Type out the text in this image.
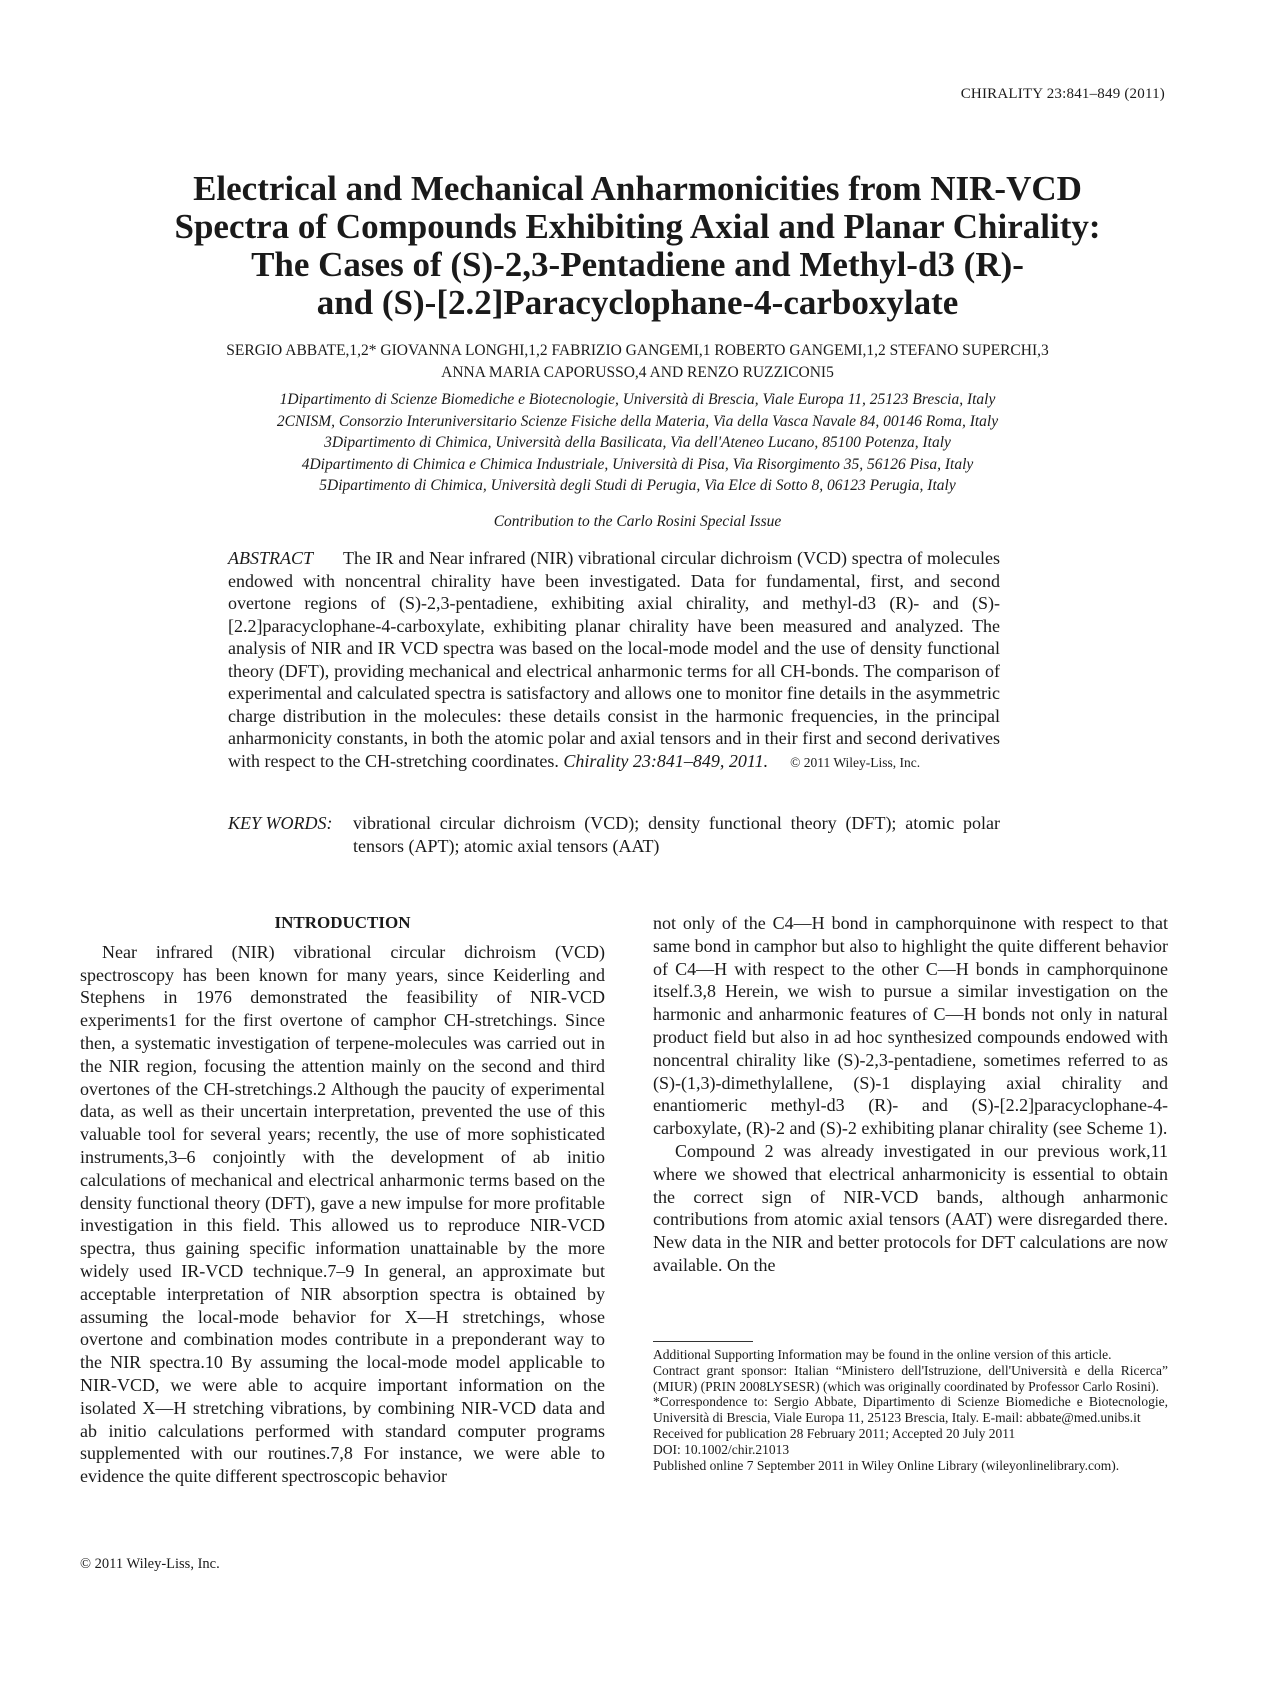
CHIRALITY 23:841–849 (2011)
Electrical and Mechanical Anharmonicities from NIR-VCD
Spectra of Compounds Exhibiting Axial and Planar Chirality:
The Cases of (S)-2,3-Pentadiene and Methyl-d3 (R)-
and (S)-[2.2]Paracyclophane-4-carboxylate
SERGIO ABBATE,1,2* GIOVANNA LONGHI,1,2 FABRIZIO GANGEMI,1 ROBERTO GANGEMI,1,2 STEFANO SUPERCHI,3
ANNA MARIA CAPORUSSO,4 AND RENZO RUZZICONI5
1Dipartimento di Scienze Biomediche e Biotecnologie, Università di Brescia, Viale Europa 11, 25123 Brescia, Italy
2CNISM, Consorzio Interuniversitario Scienze Fisiche della Materia, Via della Vasca Navale 84, 00146 Roma, Italy
3Dipartimento di Chimica, Università della Basilicata, Via dell'Ateneo Lucano, 85100 Potenza, Italy
4Dipartimento di Chimica e Chimica Industriale, Università di Pisa, Via Risorgimento 35, 56126 Pisa, Italy
5Dipartimento di Chimica, Università degli Studi di Perugia, Via Elce di Sotto 8, 06123 Perugia, Italy
Contribution to the Carlo Rosini Special Issue
ABSTRACT The IR and Near infrared (NIR) vibrational circular dichroism (VCD) spectra of molecules endowed with noncentral chirality have been investigated. Data for fundamental, first, and second overtone regions of (S)-2,3-pentadiene, exhibiting axial chirality, and methyl-d3 (R)- and (S)-[2.2]paracyclophane-4-carboxylate, exhibiting planar chirality have been measured and analyzed. The analysis of NIR and IR VCD spectra was based on the local-mode model and the use of density functional theory (DFT), providing mechanical and electrical anharmonic terms for all CH-bonds. The comparison of experimental and calculated spectra is satisfactory and allows one to monitor fine details in the asymmetric charge distribution in the molecules: these details consist in the harmonic frequencies, in the principal anharmonicity constants, in both the atomic polar and axial tensors and in their first and second derivatives with respect to the CH-stretching coordinates. Chirality 23:841–849, 2011. © 2011 Wiley-Liss, Inc.
KEY WORDS:	vibrational circular dichroism (VCD); density functional theory (DFT); atomic polar tensors (APT); atomic axial tensors (AAT)
INTRODUCTION

Near infrared (NIR) vibrational circular dichroism (VCD) spectroscopy has been known for many years, since Keiderling and Stephens in 1976 demonstrated the feasibility of NIR-VCD experiments1 for the first overtone of camphor CH-stretchings. Since then, a systematic investigation of terpene-molecules was carried out in the NIR region, focusing the attention mainly on the second and third overtones of the CH-stretchings.2 Although the paucity of experimental data, as well as their uncertain interpretation, prevented the use of this valuable tool for several years; recently, the use of more sophisticated instruments,3–6 conjointly with the development of ab initio calculations of mechanical and electrical anharmonic terms based on the density functional theory (DFT), gave a new impulse for more profitable investigation in this field. This allowed us to reproduce NIR-VCD spectra, thus gaining specific information unattainable by the more widely used IR-VCD technique.7–9 In general, an approximate but acceptable interpretation of NIR absorption spectra is obtained by assuming the local-mode behavior for X—H stretchings, whose overtone and combination modes contribute in a preponderant way to the NIR spectra.10 By assuming the local-mode model applicable to NIR-VCD, we were able to acquire important information on the isolated X—H stretching vibrations, by combining NIR-VCD data and ab initio calculations performed with standard computer programs supplemented with our routines.7,8 For instance, we were able to evidence the quite different spectroscopic behavior

not only of the C4—H bond in camphorquinone with respect to that same bond in camphor but also to highlight the quite different behavior of C4—H with respect to the other C—H bonds in camphorquinone itself.3,8 Herein, we wish to pursue a similar investigation on the harmonic and anharmonic features of C—H bonds not only in natural product field but also in ad hoc synthesized compounds endowed with noncentral chirality like (S)-2,3-pentadiene, sometimes referred to as (S)-(1,3)-dimethylallene, (S)-1 displaying axial chirality and enantiomeric methyl-d3 (R)- and (S)-[2.2]paracyclophane-4-carboxylate, (R)-2 and (S)-2 exhibiting planar chirality (see Scheme 1).

Compound 2 was already investigated in our previous work,11 where we showed that electrical anharmonicity is essential to obtain the correct sign of NIR-VCD bands, although anharmonic contributions from atomic axial tensors (AAT) were disregarded there. New data in the NIR and better protocols for DFT calculations are now available. On the

Additional Supporting Information may be found in the online version of this article.

Contract grant sponsor: Italian “Ministero dell'Istruzione, dell'Università e della Ricerca” (MIUR) (PRIN 2008LYSESR) (which was originally coordinated by Professor Carlo Rosini).

*Correspondence to: Sergio Abbate, Dipartimento di Scienze Biomediche e Biotecnologie, Università di Brescia, Viale Europa 11, 25123 Brescia, Italy. E-mail: abbate@med.unibs.it

Received for publication 28 February 2011; Accepted 20 July 2011

DOI: 10.1002/chir.21013

Published online 7 September 2011 in Wiley Online Library (wileyonlinelibrary.com).

© 2011 Wiley-Liss, Inc.
